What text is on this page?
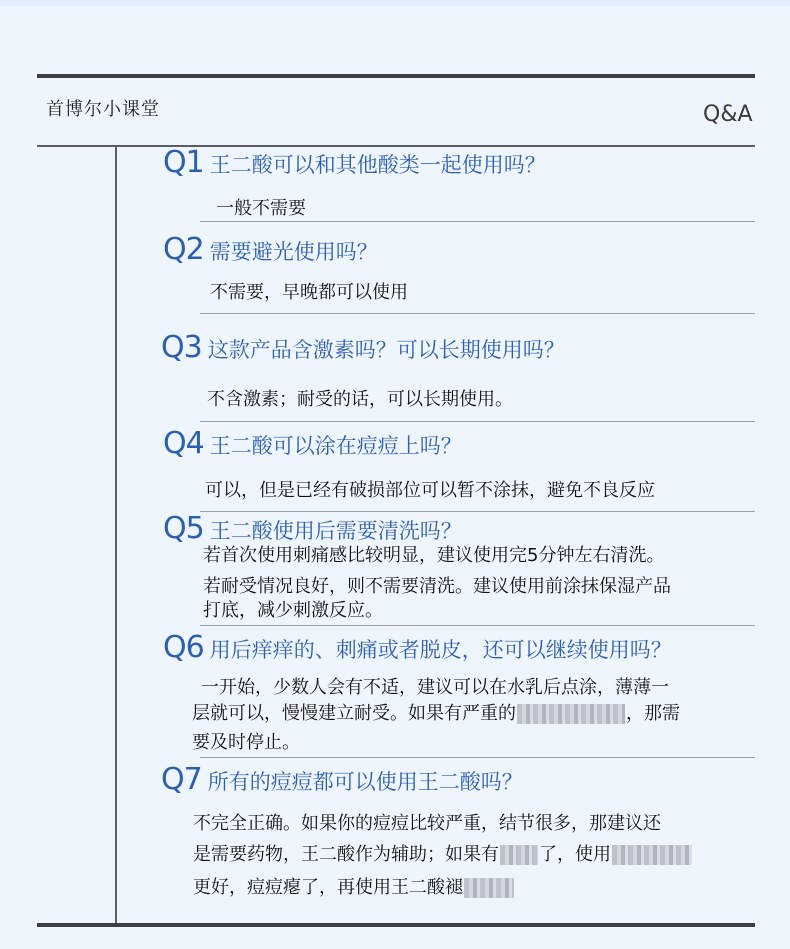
首博尔小课堂	Q&A
Q1 王二酸可以和其他酸类一起使用吗？
一般不需要
Q2 需要避光使用吗？
不需要，早晚都可以使用
Q3 这款产品含激素吗？可以长期使用吗？
不含激素；耐受的话，可以长期使用。
Q4 王二酸可以涂在痘痘上吗？
可以，但是已经有破损部位可以暂不涂抹，避免不良反应
Q5 王二酸使用后需要清洗吗？
若首次使用刺痛感比较明显，建议使用完5分钟左右清洗。
若耐受情况良好，则不需要清洗。建议使用前涂抹保湿产品
打底，减少刺激反应。
Q6 用后痒痒的、刺痛或者脱皮，还可以继续使用吗？
一开始，少数人会有不适，建议可以在水乳后点涂，薄薄一
层就可以，慢慢建立耐受。如果有严重的	，那需
要及时停止。
Q7 所有的痘痘都可以使用王二酸吗？
不完全正确。如果你的痘痘比较严重，结节很多，那建议还
是需要药物，王二酸作为辅助；如果有 了，使用
更好，痘痘瘪了，再使用王二酸褪
